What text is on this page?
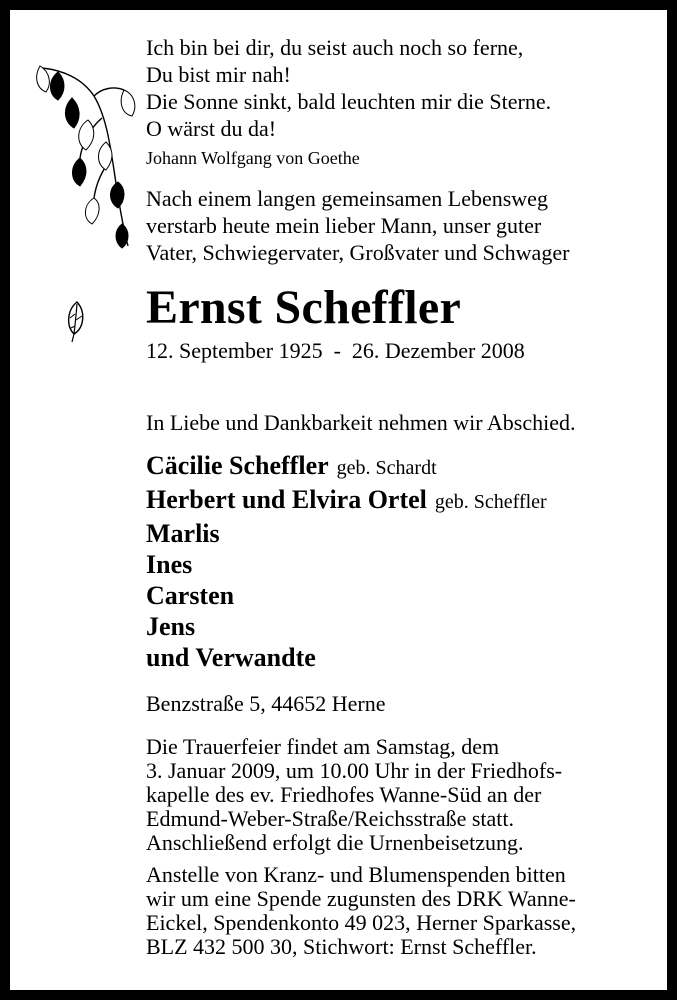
Ich bin bei dir, du seist auch noch so ferne,
Du bist mir nah!
Die Sonne sinkt, bald leuchten mir die Sterne.
O wärst du da!
Johann Wolfgang von Goethe
Nach einem langen gemeinsamen Lebensweg
verstarb heute mein lieber Mann, unser guter
Vater, Schwiegervater, Großvater und Schwager
Ernst Scheffler
12. September 1925  -  26. Dezember 2008
In Liebe und Dankbarkeit nehmen wir Abschied.
Cäcilie Scheffler geb. Schardt
Herbert und Elvira Ortel geb. Scheffler
Marlis
Ines
Carsten
Jens
und Verwandte
Benzstraße 5, 44652 Herne
Die Trauerfeier findet am Samstag, dem
3. Januar 2009, um 10.00 Uhr in der Friedhofs-
kapelle des ev. Friedhofes Wanne-Süd an der
Edmund-Weber-Straße/Reichsstraße statt.
Anschließend erfolgt die Urnenbeisetzung.
Anstelle von Kranz- und Blumenspenden bitten
wir um eine Spende zugunsten des DRK Wanne-
Eickel, Spendenkonto 49 023, Herner Sparkasse,
BLZ 432 500 30, Stichwort: Ernst Scheffler.
